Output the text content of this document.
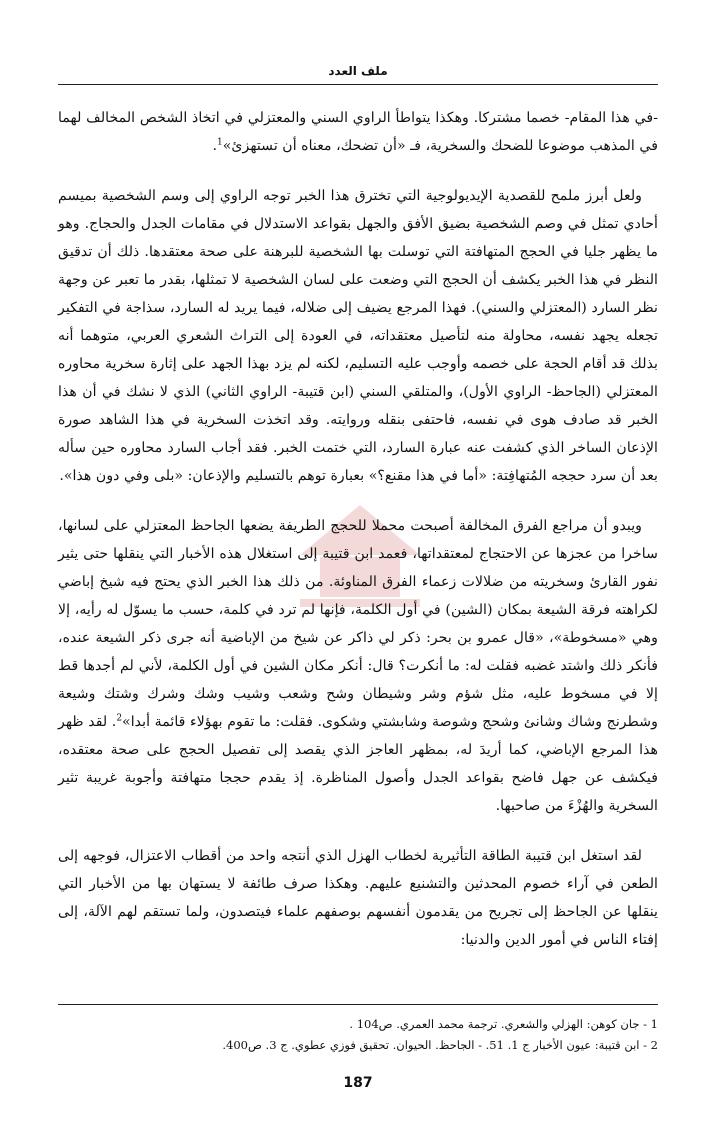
ملف العدد

-في هذا المقام- خصما مشتركا. وهكذا يتواطأ الراوي السني والمعتزلي في اتخاذ الشخص المخالف لهما في المذهب موضوعا للضحك والسخرية، فـ «أن تضحك، معناه أن تستهزئ»$^1$.

ولعل أبرز ملمح للقصدية الإيديولوجية التي تخترق هذا الخبر توجه الراوي إلى وسم الشخصية بميسم أحادي تمثل في وصم الشخصية بضيق الأفق والجهل بقواعد الاستدلال في مقامات الجدل والحجاج. وهو ما يظهر جليا في الحجج المتهافتة التي توسلت بها الشخصية للبرهنة على صحة معتقدها. ذلك أن تدقيق النظر في هذا الخبر يكشف أن الحجج التي وضعت على لسان الشخصية لا تمثلها، بقدر ما تعبر عن وجهة نظر السارد (المعتزلي والسني). فهذا المرجع يضيف إلى ضلاله، فيما يريد له السارد، سذاجة في التفكير تجعله يجهد نفسه، محاولة منه لتأصيل معتقداته، في العودة إلى التراث الشعري العربي، متوهما أنه بذلك قد أقام الحجة على خصمه وأوجب عليه التسليم، لكنه لم يزد بهذا الجهد على إثارة سخرية محاوره المعتزلي (الجاحظ- الراوي الأول)، والمتلقي السني (ابن قتيبة- الراوي الثاني) الذي لا نشك في أن هذا الخبر قد صادف هوى في نفسه، فاحتفى بنقله وروايته. وقد اتخذت السخرية في هذا الشاهد صورة الإذعان الساخر الذي كشفت عنه عبارة السارد، التي ختمت الخبر. فقد أجاب السارد محاوره حين سأله بعد أن سرد حججه المُتهافِتة: «أما في هذا مقنع؟» بعبارة توهم بالتسليم والإذعان: «بلى وفي دون هذا».

ويبدو أن مراجع الفرق المخالفة أصبحت محملا للحجج الطريفة يضعها الجاحظ المعتزلي على لسانها، ساخرا من عجزها عن الاحتجاج لمعتقداتها، فعمد ابن قتيبة إلى استغلال هذه الأخبار التي ينقلها حتى يثير نفور القارئ وسخريته من ضلالات زعماء الفرق المناوئة. من ذلك هذا الخبر الذي يحتج فيه شيخ إباضي لكراهته فرقة الشيعة بمكان (الشين) في أول الكلمة، فإنها لم ترد في كلمة، حسب ما يسوّل له رأيه، إلا وهي «مسخوطة»، «قال عمرو بن بحر: ذكر لي ذاكر عن شيخ من الإباضية أنه جرى ذكر الشيعة عنده، فأنكر ذلك واشتد غضبه فقلت له: ما أنكرت؟ قال: أنكر مكان الشين في أول الكلمة، لأني لم أجدها قط إلا في مسخوط عليه، مثل شؤم وشر وشيطان وشح وشعب وشيب وشك وشرك وشتك وشيعة وشطرنج وشاك وشانئ وشحج وشوصة وشابشتي وشكوى. فقلت: ما تقوم بهؤلاء قائمة أبدا»$^2$. لقد ظهر هذا المرجع الإباضي، كما أريدَ له، بمظهر العاجز الذي يقصد إلى تفصيل الحجج على صحة معتقده، فيكشف عن جهل فاضح بقواعد الجدل وأصول المناظرة. إذ يقدم حججا متهافتة وأجوبة غريبة تثير السخرية والهُزْءَ من صاحبها.

لقد استغل ابن قتيبة الطاقة التأثيرية لخطاب الهزل الذي أنتجه واحد من أقطاب الاعتزال، فوجهه إلى الطعن في آراء خصوم المحدثين والتشنيع عليهم. وهكذا صرف طائفة لا يستهان بها من الأخبار التي ينقلها عن الجاحظ إلى تجريح من يقدمون أنفسهم بوصفهم علماء فيتصدون، ولما تستقم لهم الآلة، إلى إفتاء الناس في أمور الدين والدنيا:

1 - جان كوهن: الهزلي والشعري. ترجمة محمد العمري. ص104 .
2 - ابن قتيبة: عيون الأخبار ج 1. 51. - الجاحظ. الحيوان. تحقيق فوزي عطوي. ج 3. ص400.
187
